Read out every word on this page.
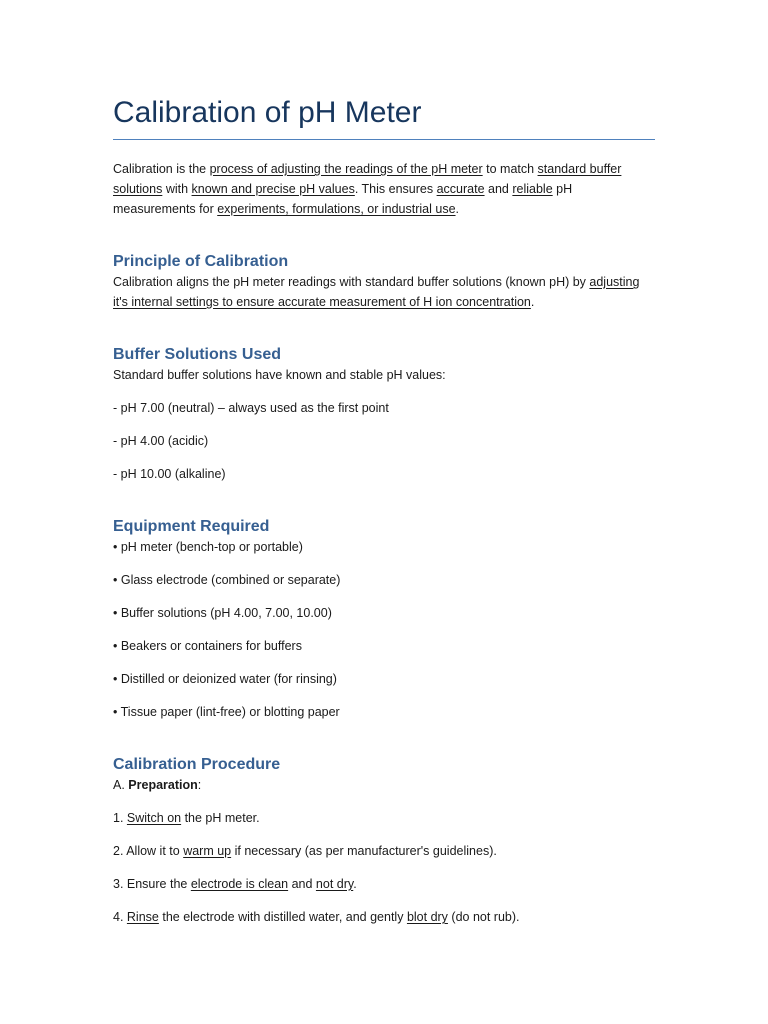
Calibration of pH Meter

Calibration is the process of adjusting the readings of the pH meter to match standard buffer solutions with known and precise pH values. This ensures accurate and reliable pH measurements for experiments, formulations, or industrial use.

Principle of Calibration

Calibration aligns the pH meter readings with standard buffer solutions (known pH) by adjusting it's internal settings to ensure accurate measurement of H ion concentration.

Buffer Solutions Used

Standard buffer solutions have known and stable pH values:

- pH 7.00 (neutral) – always used as the first point

- pH 4.00 (acidic)

- pH 10.00 (alkaline)

Equipment Required

• pH meter (bench-top or portable)

• Glass electrode (combined or separate)

• Buffer solutions (pH 4.00, 7.00, 10.00)

• Beakers or containers for buffers

• Distilled or deionized water (for rinsing)

• Tissue paper (lint-free) or blotting paper

Calibration Procedure

A. Preparation:

1. Switch on the pH meter.

2. Allow it to warm up if necessary (as per manufacturer's guidelines).

3. Ensure the electrode is clean and not dry.

4. Rinse the electrode with distilled water, and gently blot dry (do not rub).
